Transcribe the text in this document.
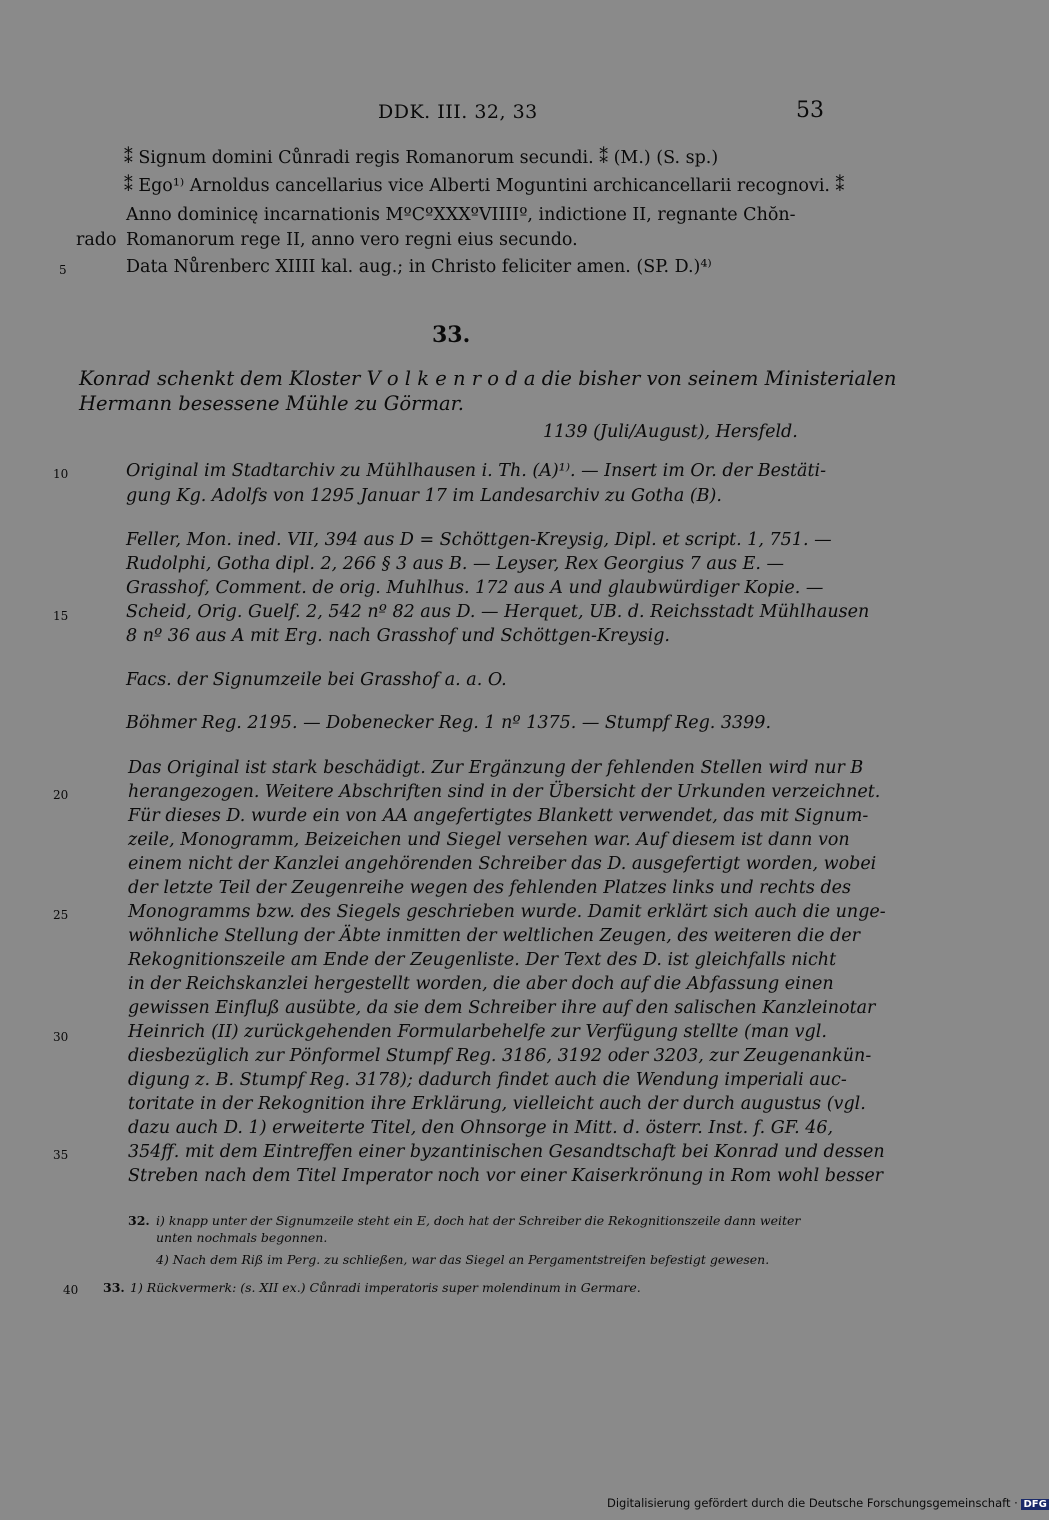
DDK. III. 32, 33	53
⁑ Signum domini Cůnradi regis Romanorum secundi. ⁑ (M.) (S. sp.)
⁑ Ego¹⁾ Arnoldus cancellarius vice Alberti Moguntini archicancellarii recognovi. ⁑
Anno dominicę incarnationis MºCºXXXºVIIIIº, indictione II, regnante Chŏn-
rado Romanorum rege II, anno vero regni eius secundo.
Data Nůrenberc XIIII kal. aug.; in Christo feliciter amen. (SP. D.)⁴⁾
33.
Konrad schenkt dem Kloster V o l k e n r o d a die bisher von seinem Ministerialen
Hermann besessene Mühle zu Görmar.
1139 (Juli/August), Hersfeld.
Original im Stadtarchiv zu Mühlhausen i. Th. (A)¹⁾. — Insert im Or. der Bestäti-
gung Kg. Adolfs von 1295 Januar 17 im Landesarchiv zu Gotha (B).
Feller, Mon. ined. VII, 394 aus D = Schöttgen-Kreysig, Dipl. et script. 1, 751. —
Rudolphi, Gotha dipl. 2, 266 § 3 aus B. — Leyser, Rex Georgius 7 aus E. —
Grasshof, Comment. de orig. Muhlhus. 172 aus A und glaubwürdiger Kopie. —
Scheid, Orig. Guelf. 2, 542 nº 82 aus D. — Herquet, UB. d. Reichsstadt Mühlhausen
8 nº 36 aus A mit Erg. nach Grasshof und Schöttgen-Kreysig.
Facs. der Signumzeile bei Grasshof a. a. O.
Böhmer Reg. 2195. — Dobenecker Reg. 1 nº 1375. — Stumpf Reg. 3399.
Das Original ist stark beschädigt. Zur Ergänzung der fehlenden Stellen wird nur B
herangezogen. Weitere Abschriften sind in der Übersicht der Urkunden verzeichnet.
Für dieses D. wurde ein von AA angefertigtes Blankett verwendet, das mit Signum-
zeile, Monogramm, Beizeichen und Siegel versehen war. Auf diesem ist dann von
einem nicht der Kanzlei angehörenden Schreiber das D. ausgefertigt worden, wobei
der letzte Teil der Zeugenreihe wegen des fehlenden Platzes links und rechts des
Monogramms bzw. des Siegels geschrieben wurde. Damit erklärt sich auch die unge-
wöhnliche Stellung der Äbte inmitten der weltlichen Zeugen, des weiteren die der
Rekognitionszeile am Ende der Zeugenliste. Der Text des D. ist gleichfalls nicht
in der Reichskanzlei hergestellt worden, die aber doch auf die Abfassung einen
gewissen Einfluß ausübte, da sie dem Schreiber ihre auf den salischen Kanzleinotar
Heinrich (II) zurückgehenden Formularbehelfe zur Verfügung stellte (man vgl.
diesbezüglich zur Pönformel Stumpf Reg. 3186, 3192 oder 3203, zur Zeugenankün-
digung z. B. Stumpf Reg. 3178); dadurch findet auch die Wendung imperiali auc-
toritate in der Rekognition ihre Erklärung, vielleicht auch der durch augustus (vgl.
dazu auch D. 1) erweiterte Titel, den Ohnsorge in Mitt. d. österr. Inst. f. GF. 46,
354ff. mit dem Eintreffen einer byzantinischen Gesandtschaft bei Konrad und dessen
Streben nach dem Titel Imperator noch vor einer Kaiserkrönung in Rom wohl besser
32. i) knapp unter der Signumzeile steht ein E, doch hat der Schreiber die Rekognitionszeile dann weiter
unten nochmals begonnen.
4) Nach dem Riß im Perg. zu schließen, war das Siegel an Pergamentstreifen befestigt gewesen.
33. 1) Rückvermerk: (s. XII ex.) Cůnradi imperatoris super molendinum in Germare.
5
10
15
20
25
30
35
40
Digitalisierung gefördert durch die Deutsche Forschungsgemeinschaft · DFG
